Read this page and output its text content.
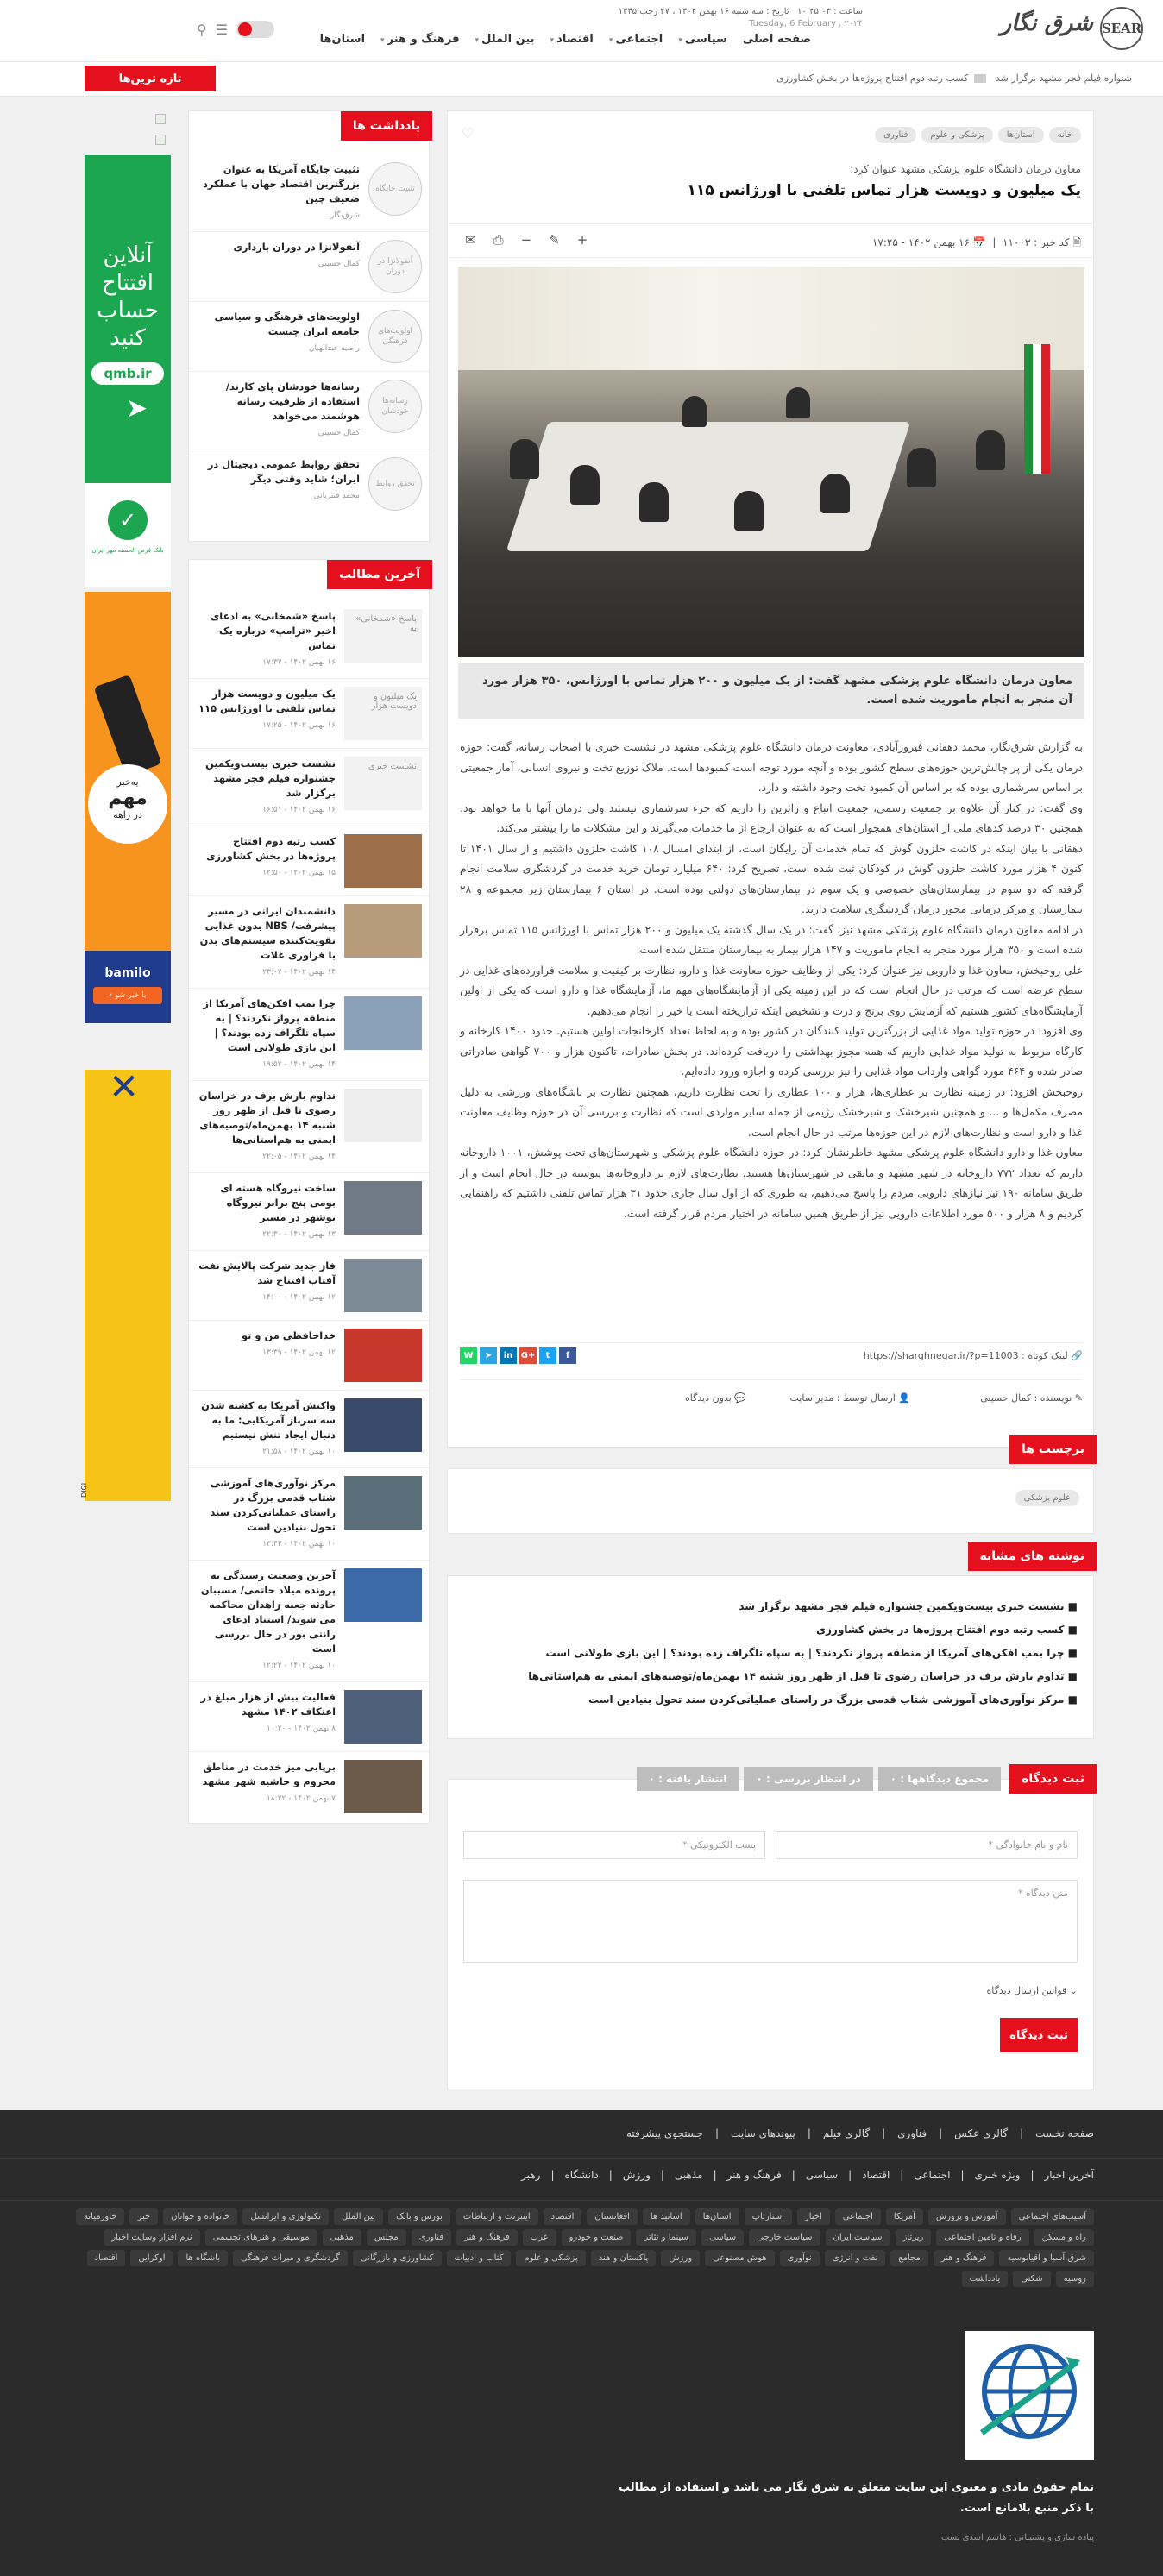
SEAR
شرق نگار
ساعت : ۱۰:۲۵:۰۳   تاریخ : سه شنبه ۱۶ بهمن ۱۴۰۲ ، ۲۷ رجب ۱۴۴۵
Tuesday, 6 February , ۲۰۲۴
صفحه اصلی
سیاسی ▾
اجتماعی ▾
اقتصاد ▾
بین الملل ▾
فرهنگ و هنر ▾
استان‌ها
⚲ ☰
تازه ترین‌ها	شنواره فیلم فجر مشهد برگزار شد     کسب رتبه دوم افتتاح پروژه‌ها در بخش کشاورزی
آنلاین
افتتاح
حساب
کنید
qmb.ir
➤
✓
بانک قرض الحسنه مهر ایران
یه‌خبر
مهم
در راهه
bamilo
با خبر شو ›
✕
DIGI
یادداشت ها
تثبیت جایگاه
تثبیت جایگاه آمریکا به عنوان بزرگترین اقتصاد جهان با عملکرد ضعیف چین
شرق‌نگار
آنفولانزا در دوران
آنفولانزا در دوران بارداری
کمال حسینی
اولویت‌های فرهنگی
اولویت‌های فرهنگی و سیاسی جامعه ایران چیست
راضیه عبدالهیان
رسانه‌ها خودشان
رسانه‌ها خودشان پای کارند/ استفاده از ظرفیت رسانه هوشمند می‌خواهد
کمال حسینی
تحقق روابط
تحقق روابط عمومی دیجیتال در ایران؛ شاید وقتی دیگر
محمد قنبریانی
آخرین مطالب
پاسخ «شمخانی» به
پاسخ «شمخانی» به ادعای اخیر «ترامپ» درباره یک تماس
۱۶ بهمن ۱۴۰۲ - ۱۷:۳۷
یک میلیون و دویست هزار
یک میلیون و دویست هزار تماس تلفنی با اورژانس ۱۱۵
۱۶ بهمن ۱۴۰۲ - ۱۷:۲۵
نشست خبری
نشست خبری بیست‌ویکمین جشنواره فیلم فجر مشهد برگزار شد
۱۶ بهمن ۱۴۰۲ - ۱۶:۵۱
کسب رتبه دوم افتتاح پروژه‌ها در بخش کشاورزی
۱۵ بهمن ۱۴۰۲ - ۱۲:۵۰
دانشمندان ایرانی در مسیر پیشرفت/ NBS بدون غذایی تقویت‌کننده سیستم‌های بدن با فراوری غلات
۱۴ بهمن ۱۴۰۲ - ۲۳:۰۷
چرا بمب افکن‌های آمریکا از منطقه پرواز نکردند؟ | به سپاه تلگراف زده بودند؟ | این بازی طولانی است
۱۴ بهمن ۱۴۰۲ - ۱۹:۵۳
تداوم بارش برف در خراسان رضوی تا قبل از ظهر روز شنبه ۱۴ بهمن‌ماه/توصیه‌های ایمنی به هم‌استانی‌ها
۱۴ بهمن ۱۴۰۲ - ۲۲:۰۵
ساخت نیروگاه هسته ای بومی پنج برابر نیروگاه بوشهر در مسیر
۱۳ بهمن ۱۴۰۲ - ۲۲:۳۰
فاز جدید شرکت پالایش نفت آفتاب افتتاح شد
۱۲ بهمن ۱۴۰۲ - ۱۴:۰۰
خداحافظی من و تو
۱۲ بهمن ۱۴۰۲ - ۱۳:۳۹
واکنش آمریکا به کشته شدن سه سرباز آمریکایی: ما به دنبال ایجاد تنش نیستیم
۱۰ بهمن ۱۴۰۲ - ۲۱:۵۸
مرکز نوآوری‌های آموزشی شتاب قدمی بزرگ در راستای عملیاتی‌کردن سند تحول بنیادین است
۱۰ بهمن ۱۴۰۲ - ۱۳:۴۴
آخرین وضعیت رسیدگی به پرونده میلاد حاتمی/ مسببان حادثه جعبه زاهدان محاکمه می شوند/ استناد ادعای رانتی بور در حال بررسی است
۱۰ بهمن ۱۴۰۲ - ۱۲:۲۲
فعالیت بیش از هزار مبلغ در اعتکاف ۱۴۰۲ مشهد
۸ بهمن ۱۴۰۲ - ۱۰:۲۰
برپایی میز خدمت در مناطق محروم و حاشیه شهر مشهد
۷ بهمن ۱۴۰۲ - ۱۸:۲۲
خانهاستان‌هاپزشکی و علومفناوری
♡
معاون درمان دانشگاه علوم پزشکی مشهد عنوان کرد:
یک میلیون و دویست هزار تماس تلفنی با اورژانس ۱۱۵
🗎 کد خبر : ۱۱۰۰۳  |  📅 ۱۶ بهمن ۱۴۰۲ - ۱۷:۲۵
✉ ⎙ − ✎ +
معاون درمان دانشگاه علوم پزشکی مشهد گفت: از یک میلیون و ۲۰۰ هزار تماس با اورژانس، ۳۵۰ هزار مورد آن منجر به انجام ماموریت شده است.

به گزارش شرق‌نگار، محمد دهقانی فیروزآبادی، معاونت درمان دانشگاه علوم پزشکی مشهد در نشست خبری با اصحاب رسانه، گفت: حوزه درمان یکی از پر چالش‌ترین حوزه‌های سطح کشور بوده و آنچه مورد توجه است کمبودها است. ملاک توزیع تخت و نیروی انسانی، آمار جمعیتی بر اساس سرشماری بوده که بر اساس آن کمبود تخت وجود داشته و دارد.

وی گفت: در کنار آن علاوه بر جمعیت رسمی، جمعیت اتباع و زائرین را داریم که جزء سرشماری نیستند ولی درمان آنها با ما خواهد بود. همچنین ۳۰ درصد کدهای ملی از استان‌های همجوار است که به عنوان ارجاع از ما خدمات می‌گیرند و این مشکلات ما را بیشتر می‌کند.

دهقانی با بیان اینکه در کاشت حلزون گوش که تمام خدمات آن رایگان است، از ابتدای امسال ۱۰۸ کاشت حلزون داشتیم و از سال ۱۴۰۱ تا کنون ۴ هزار مورد کاشت حلزون گوش در کودکان ثبت شده است، تصریح کرد: ۶۴۰ میلیارد تومان خرید خدمت در گردشگری سلامت انجام گرفته که دو سوم در بیمارستان‌های خصوصی و یک سوم در بیمارستان‌های دولتی بوده است. در استان ۶ بیمارستان زیر مجموعه و ۲۸ بیمارستان و مرکز درمانی مجوز درمان گردشگری سلامت دارند.

در ادامه معاون درمان دانشگاه علوم پزشکی مشهد نیز، گفت: در یک سال گذشته یک میلیون و ۲۰۰ هزار تماس با اورژانس ۱۱۵ تماس برقرار شده است و ۳۵۰ هزار مورد منجر به انجام ماموریت و ۱۴۷ هزار بیمار به بیمارستان منتقل شده است.

علی روحبخش، معاون غذا و دارویی نیز عنوان کرد: یکی از وظایف حوزه معاونت غذا و دارو، نظارت بر کیفیت و سلامت فراورده‌های غذایی در سطح عرضه است که مرتب در حال انجام است که در این زمینه یکی از آزمایشگاه‌های مهم ما، آزمایشگاه غذا و دارو است که یکی از اولین آزمایشگاه‌های کشور هستیم که آزمایش روی برنج و درت و تشخیص اینکه تراریخته است یا خیر را انجام می‌دهیم.

وی افزود: در حوزه تولید مواد غذایی از بزرگترین تولید کنندگان در کشور بوده و به لحاظ تعداد کارخانجات اولین هستیم. حدود ۱۴۰۰ کارخانه و کارگاه مربوط به تولید مواد غذایی داریم که همه مجوز بهداشتی را دریافت کرده‌اند. در بخش صادرات، تاکنون هزار و ۷۰۰ گواهی صادراتی صادر شده و ۴۶۴ مورد گواهی واردات مواد غذایی را نیز بررسی کرده و اجازه ورود داده‌ایم.

روحبخش افزود: در زمینه نظارت بر عطاری‌ها، هزار و ۱۰۰ عطاری را تحت نظارت داریم، همچنین نظارت بر باشگاه‌های ورزشی به دلیل مصرف مکمل‌ها و ... و همچنین شیرخشک و شیرخشک رژیمی از جمله سایر مواردی است که نظارت و بررسی آن در حوزه وظایف معاونت غذا و دارو است و نظارت‌های لازم در این حوزه‌ها مرتب در حال انجام است.

معاون غذا و دارو دانشگاه علوم پزشکی مشهد خاطرنشان کرد: در حوزه دانشگاه علوم پزشکی و شهرستان‌های تحت پوشش، ۱۰۰۱ داروخانه داریم که تعداد ۷۷۲ داروخانه در شهر مشهد و مابقی در شهرستان‌ها هستند. نظارت‌های لازم بر داروخانه‌ها پیوسته در حال انجام است و از طریق سامانه ۱۹۰ نیز نیازهای دارویی مردم را پاسخ می‌دهیم، به طوری که از اول سال جاری حدود ۳۱ هزار تماس تلفنی داشتیم که راهنمایی کردیم و ۸ هزار و ۵۰۰ مورد اطلاعات دارویی نیز از طریق همین سامانه در اختیار مردم قرار گرفته است.

🔗 لینک کوتاه : https://sharghnegar.ir/?p=11003
W	➤	in G+	t	f
✎ نویسنده : کمال حسینی
👤 ارسال توسط : مدیر سایت
💬 بدون دیدگاه
برچسب ها
علوم پزشکی
نوشته های مشابه
■ نشست خبری بیست‌ویکمین جشنواره فیلم فجر مشهد برگزار شد
■ کسب رتبه دوم افتتاح پروژه‌ها در بخش کشاورزی
■ چرا بمب افکن‌های آمریکا از منطقه پرواز نکردند؟ | به سپاه تلگراف زده بودند؟ | این بازی طولانی است
■ تداوم بارش برف در خراسان رضوی تا قبل از ظهر روز شنبه ۱۴ بهمن‌ماه/توصیه‌های ایمنی به هم‌استانی‌ها
■ مرکز نوآوری‌های آموزشی شتاب قدمی بزرگ در راستای عملیاتی‌کردن سند تحول بنیادین است
ثبت دیدگاه
مجموع دیدگاهها : ۰
در انتظار بررسی : ۰
انتشار یافته : ۰
نام و نام خانوادگی *
پست الکترونیکی *
متن دیدگاه *
⌄ قوانین ارسال دیدگاه
ثبت دیدگاه
صفحه نخست
|
گالری عکس
|
فناوری
|
گالری فیلم
|
پیوندهای سایت
|
جستجوی پیشرفته
آخرین اخبار
|
ویژه خبری
|
اجتماعی
|
اقتصاد
|
سیاسی
|
فرهنگ و هنر
|
مذهبی
|
ورزش
|
دانشگاه
|
رهبر
آسیب‌های اجتماعی
آموزش و پرورش
آمریکا
اجتماعی
اخبار
استارتاپ
استان‌ها
اساتید ها
افغانستان
اقتصاد
اینترنت و ارتباطات
بورس و بانک
بین الملل
تکنولوژی و ایرانسل
خانواده و جوانان
خبر
خاورمیانه
راه و مسکن
رفاه و تامین اجتماعی
ریزتاز
سیاست ایران
سیاست خارجی
سیاسی
سینما و تئاتر
صنعت و خودرو
عرب
فرهنگ و هنر
فناوری
مجلس
مذهبی
موسیقی و هنرهای تجسمی
نرم افزار وسایت اخبار
شرق آسیا و اقیانوسیه
فرهنگ و هنر
مجامع
نفت و انرژی
نوآوری
هوش مصنوعی
ورزش
پاکستان و هند
پزشکی و علوم
کتاب و ادبیات
کشاورزی و بازرگانی
گردشگری و میراث فرهنگی
باشگاه ها
اوکراین
اقتصاد
روسیه
شکنی
یادداشت
تمام حقوق مادی و معنوی این سایت متعلق به شرق نگار می باشد و استفاده از مطالب با ذکر منبع بلامانع است.
پیاده سازی و پشتیبانی : هاشم اسدی نسب
